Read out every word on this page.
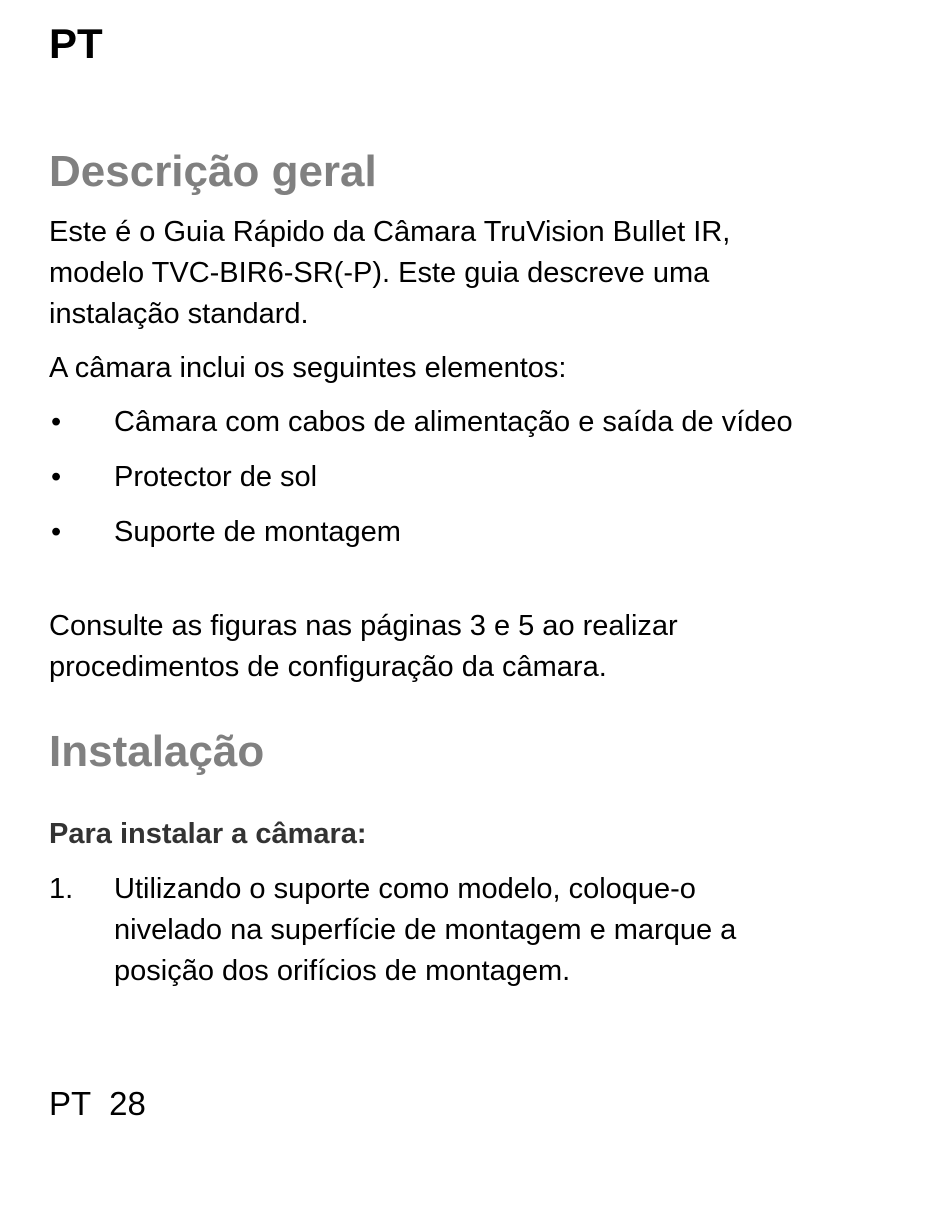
PT
Descrição geral

Este é o Guia Rápido da Câmara TruVision Bullet IR, modelo TVC-BIR6-SR(-P). Este guia descreve uma instalação standard.

A câmara inclui os seguintes elementos:

• Câmara com cabos de alimentação e saída de vídeo
• Protector de sol
• Suporte de montagem

Consulte as figuras nas páginas 3 e 5 ao realizar procedimentos de configuração da câmara.

Instalação
Para instalar a câmara:
1. Utilizando o suporte como modelo, coloque-o nivelado na superfície de montagem e marque a posição dos orifícios de montagem.
PT 28
